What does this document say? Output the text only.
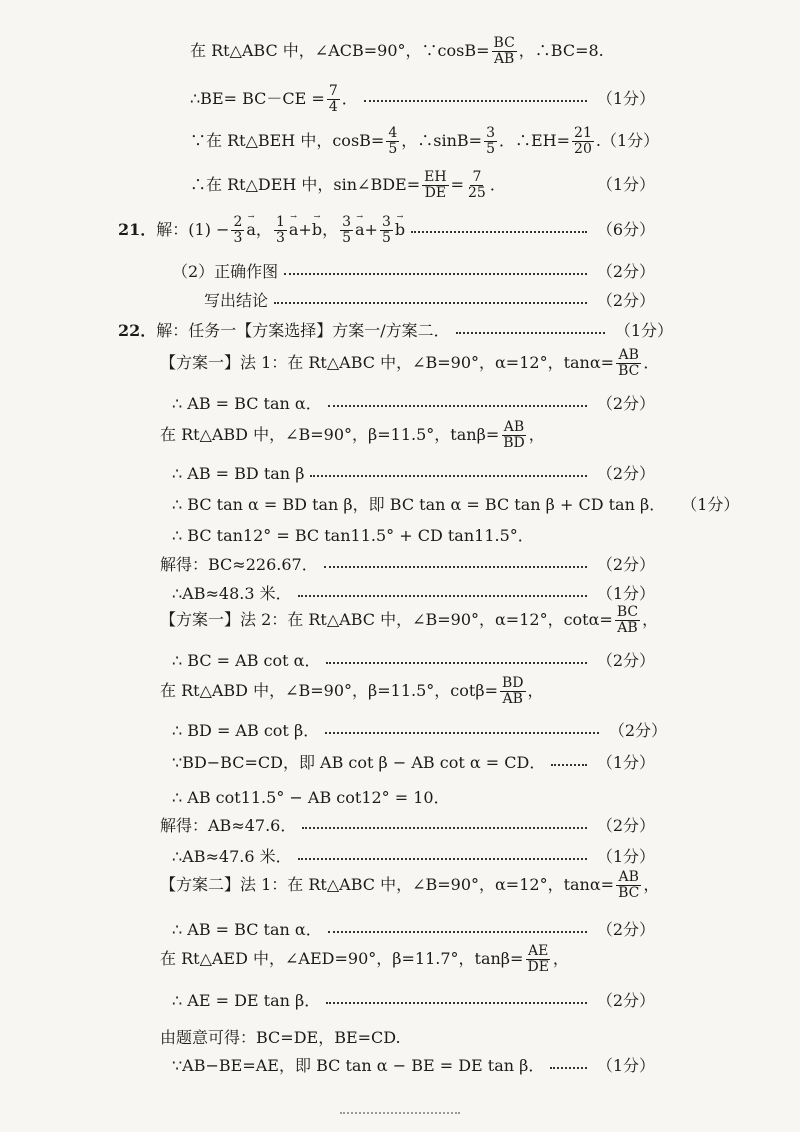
在 Rt△ABC 中，∠ACB=90°，∵cosB= $\frac{BC}{AB}$ ，∴BC=8.
∴BE= $BC-CE = \frac{7}{4}$ ．	（1分）
∵在 Rt△BEH 中，$\cos B= \frac{4}{5}$ ，∴sinB= $\frac{3}{5}$ ．∴EH= $\frac{21}{20}$ . （1分）
∴在 Rt△DEH 中，sin∠BDE= $\frac{EH}{DE} = \frac{7}{25}$ ．	（1分）
21． 解：$(1) - \frac{2}{3}$
→ a ， $\frac{1}{3}$
→ a +
→ b ， $\frac{3}{5}$
→ $a + \frac{3}{5}$
→ b	（6分）
（2）正确作图	（2分）
写出结论	（2分）
22． 解：任务一【方案选择】方案一/方案二．	（1分）
【方案一】法 1：在 Rt△ABC 中，∠B=90°，α=12°，$\tan\alpha= \frac{AB}{BC}$ ．
∴ AB = BC tan α．	（2分）
在 Rt△ABD 中，∠B=90°，β=11.5°，$\tan\beta= \frac{AB}{BD}$ ，
∴ AB = BD tan β	（2分）
∴ BC tan α = BD tan β，即 BC tan α = BC tan β + CD tan β． （1分）
∴ BC tan12° = BC tan11.5° + CD tan11.5°．
解得：BC≈226.67．	（2分）
∴AB≈48.3 米．	（1分）
【方案一】法 2：在 Rt△ABC 中，∠B=90°，α=12°，$\cot\alpha= \frac{BC}{AB}$ ，
∴ BC = AB cot α．	（2分）
在 Rt△ABD 中，∠B=90°，β=11.5°，$\cot\beta= \frac{BD}{AB}$ ，
∴ BD = AB cot β．	（2分）
∵BD−BC=CD，即 AB cot β − AB cot α = CD．	（1分）
∴ AB cot11.5° − AB cot12° = 10．
解得：AB≈47.6．	（2分）
∴AB≈47.6 米．	（1分）
【方案二】法 1：在 Rt△ABC 中，∠B=90°，α=12°，$\tan\alpha= \frac{AB}{BC}$ ，
∴ AB = BC tan α．	（2分）
在 Rt△AED 中，∠AED=90°，β=11.7°，$\tan\beta= \frac{AE}{DE}$ ，
∴ AE = DE tan β．	（2分）
由题意可得：BC=DE，BE=CD.
∵AB−BE=AE，即 BC tan α − BE = DE tan β．	（1分）
